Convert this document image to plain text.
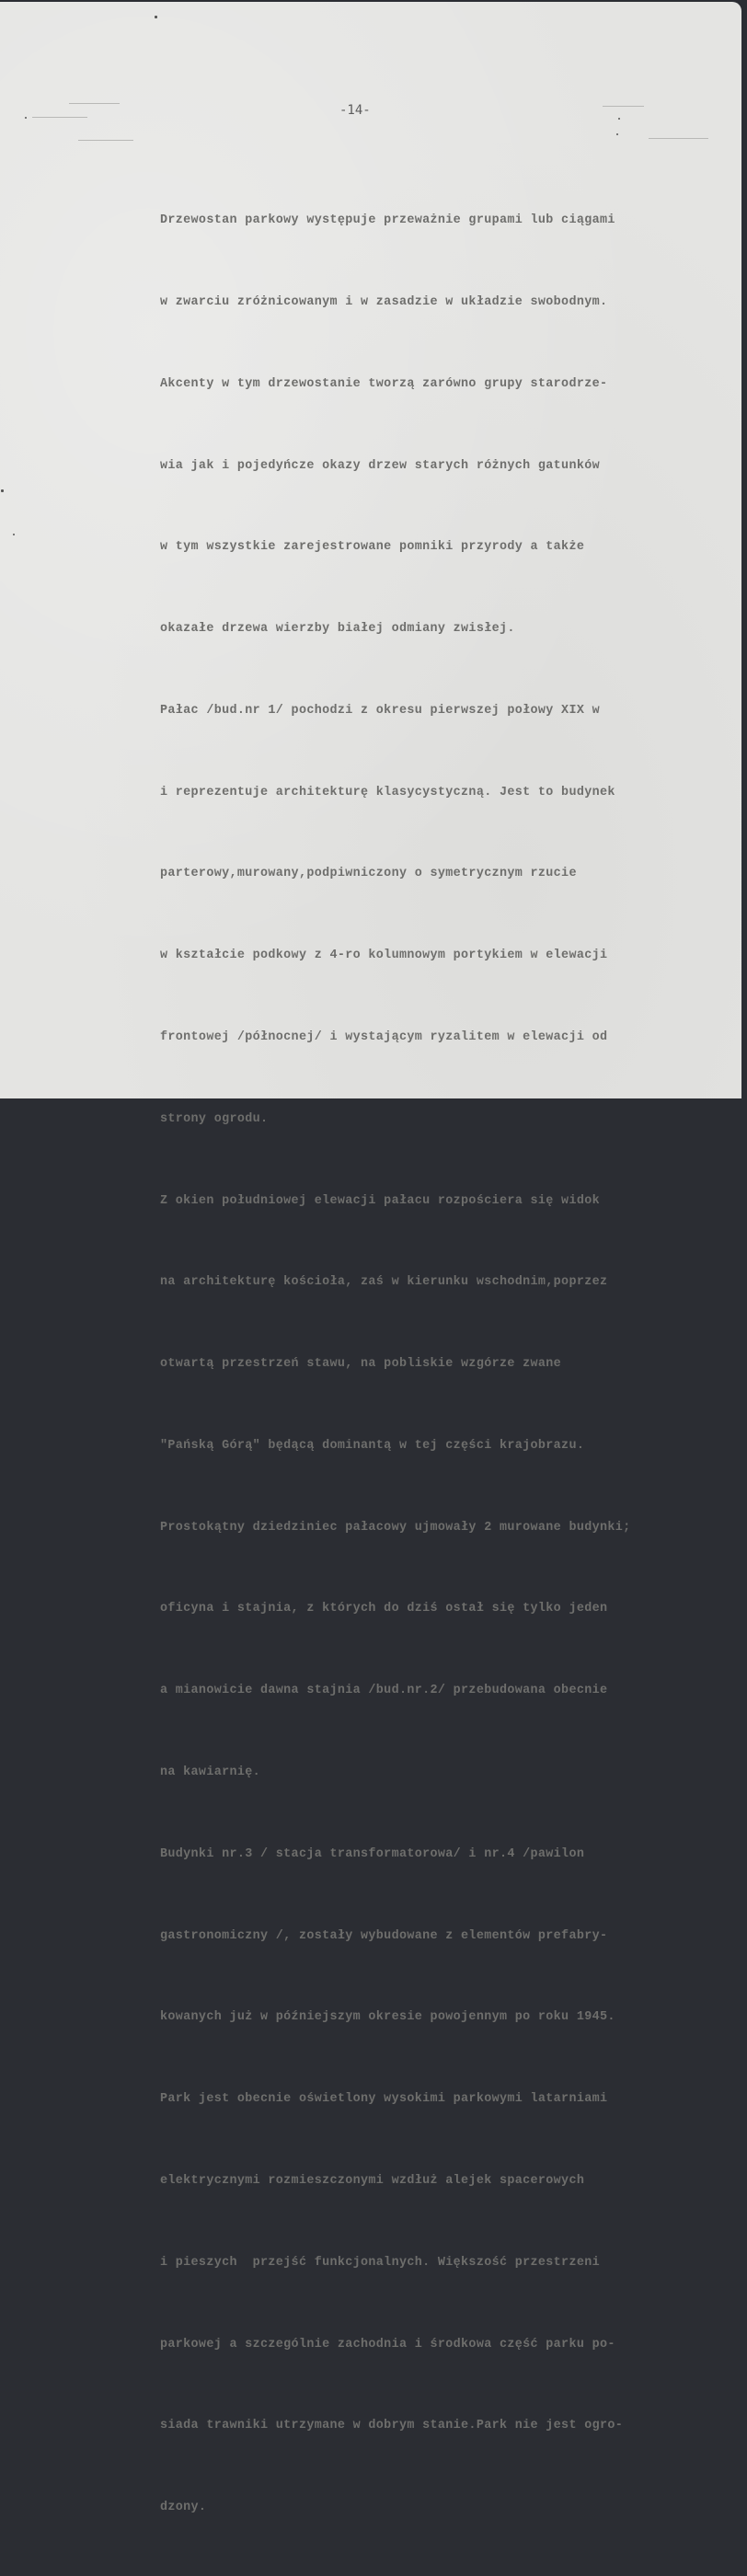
-14-

Drzewostan parkowy występuje przeważnie grupami lub ciągami

w zwarciu zróżnicowanym i w zasadzie w układzie swobodnym.

Akcenty w tym drzewostanie tworzą zarówno grupy starodrze-

wia jak i pojedyńcze okazy drzew starych różnych gatunków

w tym wszystkie zarejestrowane pomniki przyrody a także

okazałe drzewa wierzby białej odmiany zwisłej.

Pałac /bud.nr 1/ pochodzi z okresu pierwszej połowy XIX w

i reprezentuje architekturę klasycystyczną. Jest to budynek

parterowy,murowany,podpiwniczony o symetrycznym rzucie

w kształcie podkowy z 4-ro kolumnowym portykiem w elewacji

frontowej /północnej/ i wystającym ryzalitem w elewacji od

strony ogrodu.

Z okien południowej elewacji pałacu rozpościera się widok

na architekturę kościoła, zaś w kierunku wschodnim,poprzez

otwartą przestrzeń stawu, na pobliskie wzgórze zwane

"Pańską Górą" będącą dominantą w tej części krajobrazu.

Prostokątny dziedziniec pałacowy ujmowały 2 murowane budynki;

oficyna i stajnia, z których do dziś ostał się tylko jeden

a mianowicie dawna stajnia /bud.nr.2/ przebudowana obecnie

na kawiarnię.

Budynki nr.3 / stacja transformatorowa/ i nr.4 /pawilon

gastronomiczny /, zostały wybudowane z elementów prefabry-

kowanych już w późniejszym okresie powojennym po roku 1945.

Park jest obecnie oświetlony wysokimi parkowymi latarniami

elektrycznymi rozmieszczonymi wzdłuż alejek spacerowych

i pieszych  przejść funkcjonalnych. Większość przestrzeni

parkowej a szczególnie zachodnia i środkowa część parku po-

siada trawniki utrzymane w dobrym stanie.Park nie jest ogro-

dzony.
